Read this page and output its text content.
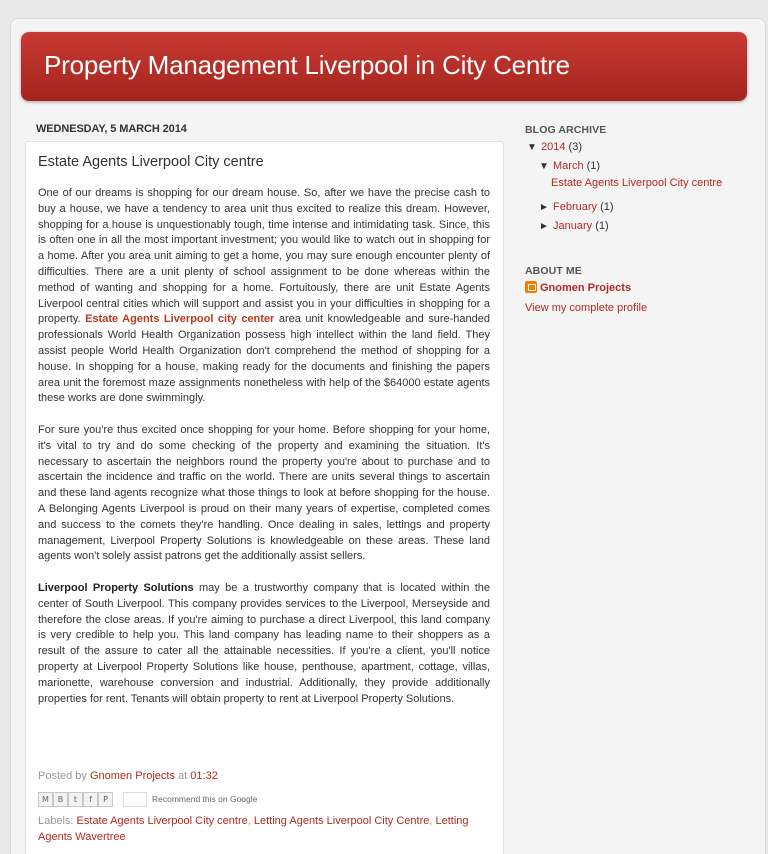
Property Management Liverpool in City Centre
WEDNESDAY, 5 MARCH 2014
Estate Agents Liverpool City centre

One of our dreams is shopping for our dream house. So, after we have the precise cash to buy a house, we have a tendency to area unit thus excited to realize this dream. However, shopping for a house is unquestionably tough, time intense and intimidating task. Since, this is often one in all the most important investment; you would like to watch out in shopping for a home. After you area unit aiming to get a home, you may sure enough encounter plenty of difficulties. There are a unit plenty of school assignment to be done whereas within the method of wanting and shopping for a home. Fortuitously, there are unit Estate Agents Liverpool central cities which will support and assist you in your difficulties in shopping for a property. Estate Agents Liverpool city center area unit knowledgeable and sure-handed professionals World Health Organization possess high intellect within the land field. They assist people World Health Organization don't comprehend the method of shopping for a house. In shopping for a house, making ready for the documents and finishing the papers area unit the foremost maze assignments nonetheless with help of the $64000 estate agents these works are done swimmingly.

For sure you're thus excited once shopping for your home. Before shopping for your home, it's vital to try and do some checking of the property and examining the situation. It's necessary to ascertain the neighbors round the property you're about to purchase and to ascertain the incidence and traffic on the world. There are units several things to ascertain and these land agents recognize what those things to look at before shopping for the house. A Belonging Agents Liverpool is proud on their many years of expertise, completed comes and success to the comets they're handling. Once dealing in sales, lettings and property management, Liverpool Property Solutions is knowledgeable on these areas. These land agents won't solely assist patrons get the additionally assist sellers.

Liverpool Property Solutions may be a trustworthy company that is located within the center of South Liverpool. This company provides services to the Liverpool, Merseyside and therefore the close areas. If you're aiming to purchase a direct Liverpool, this land company is very credible to help you. This land company has leading name to their shoppers as a result of the assure to cater all the attainable necessities. If you're a client, you'll notice property at Liverpool Property Solutions like house, penthouse, apartment, cottage, villas, marionette, warehouse conversion and industrial. Additionally, they provide additionally properties for rent. Tenants will obtain property to rent at Liverpool Property Solutions.

Posted by Gnomen Projects at 01:32
M	B	t	f	P	Recommend this on Google
Labels: Estate Agents Liverpool City centre, Letting Agents Liverpool City Centre, Letting Agents Wavertree
BLOG ARCHIVE
▼ 2014 (3)
▼ March (1)
Estate Agents Liverpool City centre
► February (1)
► January (1)
ABOUT ME
Gnomen Projects
View my complete profile
